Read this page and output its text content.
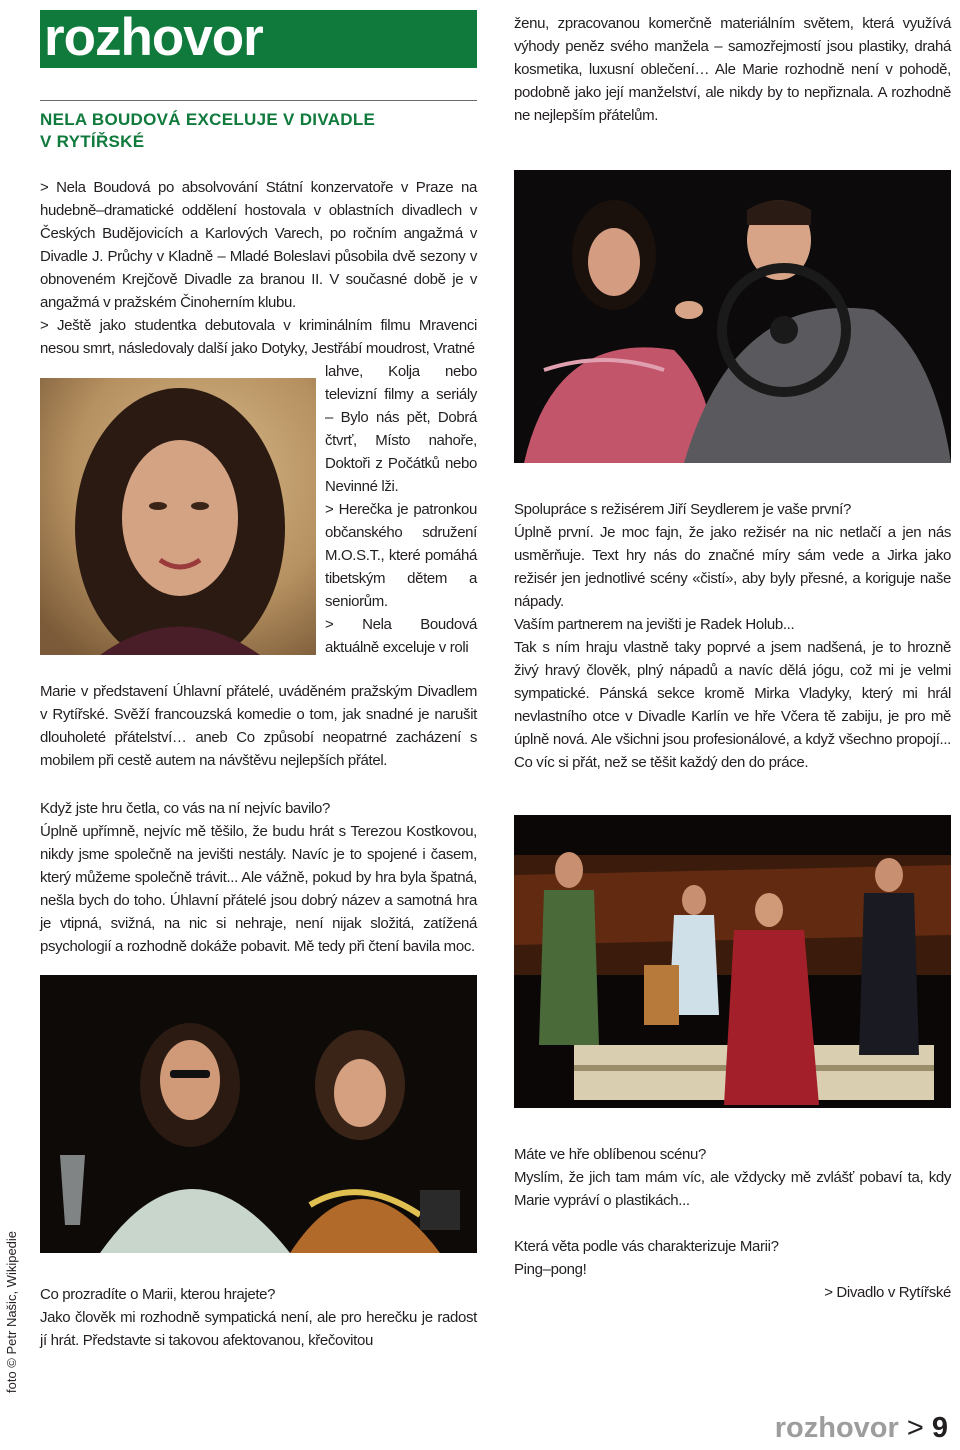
rozhovor
NELA BOUDOVÁ EXCELUJE V DIVADLE
V RYTÍŘSKÉ

> Nela Boudová po absolvování Státní konzervatoře v Praze na hudebně–dramatické oddělení hostovala v oblastních divadlech v Českých Budějovicích a Karlových Varech, po ročním angažmá v Divadle J. Průchy v Kladně – Mladé Boleslavi působila dvě sezony v obnoveném Krejčově Divadle za branou II. V současné době je v angažmá v pražském Činoherním klubu.

> Ještě jako studentka debutovala v kriminálním filmu Mravenci nesou smrt, následovaly další jako Dotyky, Jestřábí moudrost, Vratné

lahve, Kolja nebo televizní filmy a seriály – Bylo nás pět, Dobrá čtvrť, Místo nahoře, Doktoři z Počátků nebo Nevinné lži.

> Herečka je patronkou občanského sdružení M.O.S.T., které pomáhá tibetským dětem a seniorům.

> Nela Boudová aktuálně exceluje v roli

Marie v představení Úhlavní přátelé, uváděném pražským Divadlem v Rytířské. Svěží francouzská komedie o tom, jak snadné je narušit dlouholeté přátelství… aneb Co způsobí neopatrné zacházení s mobilem při cestě autem na návštěvu nejlepších přátel.

Když jste hru četla, co vás na ní nejvíc bavilo?

Úplně upřímně, nejvíc mě těšilo, že budu hrát s Terezou Kostkovou, nikdy jsme společně na jevišti nestály. Navíc je to spojené i časem, který můžeme společně trávit... Ale vážně, pokud by hra byla špatná, nešla bych do toho. Úhlavní přátelé jsou dobrý název a samotná hra je vtipná, svižná, na nic si nehraje, není nijak složitá, zatížená psychologií a rozhodně dokáže pobavit. Mě tedy při čtení bavila moc.

Co prozradíte o Marii, kterou hrajete?

Jako člověk mi rozhodně sympatická není, ale pro herečku je radost jí hrát. Představte si takovou afektovanou, křečovitou

ženu, zpracovanou komerčně materiálním světem, která využívá výhody peněz svého manžela – samozřejmostí jsou plastiky, drahá kosmetika, luxusní oblečení… Ale Marie rozhodně není v pohodě, podobně jako její manželství, ale nikdy by to nepřiznala. A rozhodně ne nejlepším přátelům.

Spolupráce s režisérem Jiří Seydlerem je vaše první?

Úplně první. Je moc fajn, že jako režisér na nic netlačí a jen nás usměrňuje. Text hry nás do značné míry sám vede a Jirka jako režisér jen jednotlivé scény «čistí», aby byly přesné, a koriguje naše nápady.

Vaším partnerem na jevišti je Radek Holub...

Tak s ním hraju vlastně taky poprvé a jsem nadšená, je to hrozně živý hravý člověk, plný nápadů a navíc dělá jógu, což mi je velmi sympatické. Pánská sekce kromě Mirka Vladyky, který mi hrál nevlastního otce v Divadle Karlín ve hře Včera tě zabiju, je pro mě úplně nová. Ale všichni jsou profesionálové, a když všechno propojí... Co víc si přát, než se těšit každý den do práce.

Máte ve hře oblíbenou scénu?

Myslím, že jich tam mám víc, ale vždycky mě zvlášť pobaví ta, kdy Marie vypráví o plastikách...

Která věta podle vás charakterizuje Marii?

Ping–pong!

> Divadlo v Rytířské

foto © Petr Našic, Wikipedie
rozhovor > 9
